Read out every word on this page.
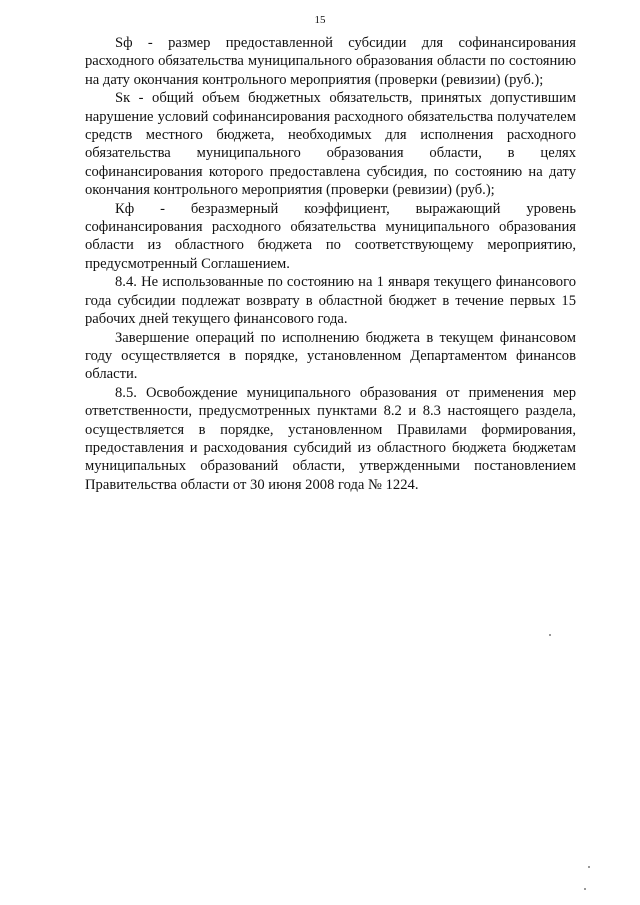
15

Sф - размер предоставленной субсидии для софинансирования расходного обязательства муниципального образования области по состоянию на дату окончания контрольного мероприятия (проверки (ревизии) (руб.);

Sк - общий объем бюджетных обязательств, принятых допустившим нарушение условий софинансирования расходного обязательства получателем средств местного бюджета, необходимых для исполнения расходного обязательства муниципального образования области, в целях софинансирования которого предоставлена субсидия, по состоянию на дату окончания контрольного мероприятия (проверки (ревизии) (руб.);

Кф - безразмерный коэффициент, выражающий уровень софинансирования расходного обязательства муниципального образования области из областного бюджета по соответствующему мероприятию, предусмотренный Соглашением.

8.4. Не использованные по состоянию на 1 января текущего финансового года субсидии подлежат возврату в областной бюджет в течение первых 15 рабочих дней текущего финансового года.

Завершение операций по исполнению бюджета в текущем финансовом году осуществляется в порядке, установленном Департаментом финансов области.

8.5. Освобождение муниципального образования от применения мер ответственности, предусмотренных пунктами 8.2 и 8.3 настоящего раздела, осуществляется в порядке, установленном Правилами формирования, предоставления и расходования субсидий из областного бюджета бюджетам муниципальных образований области, утвержденными постановлением Правительства области от 30 июня 2008 года № 1224.
